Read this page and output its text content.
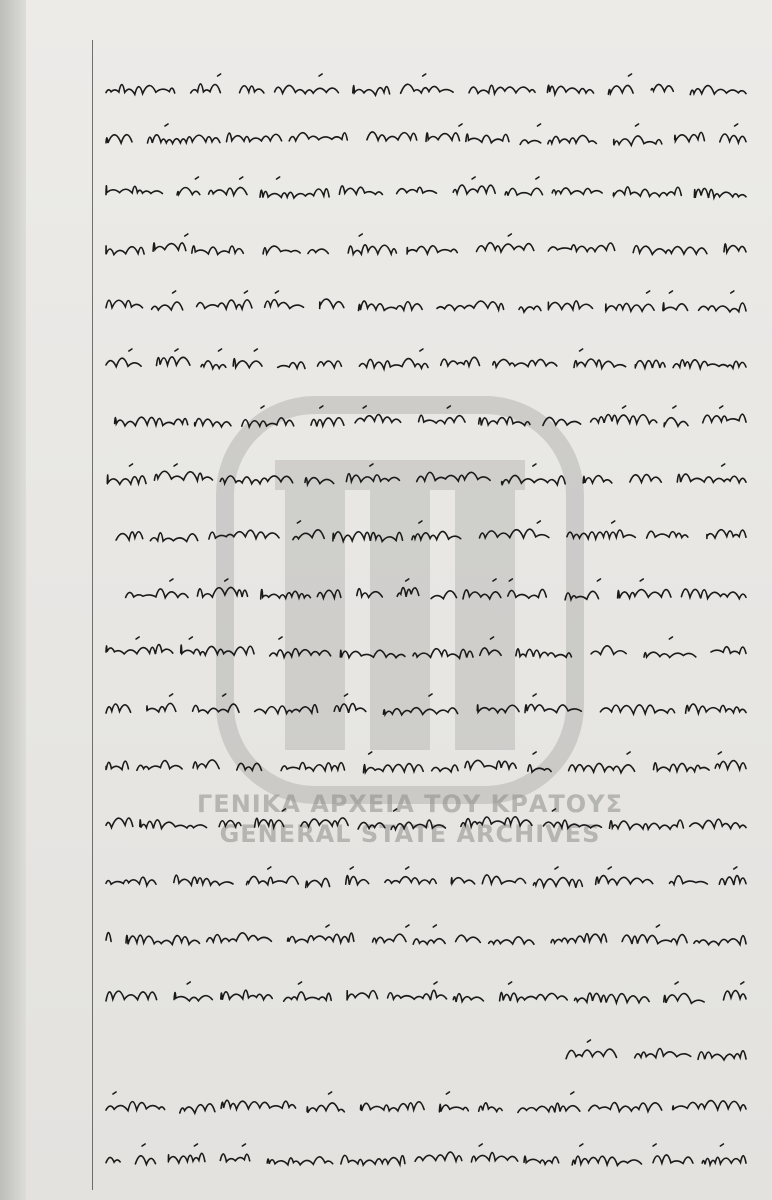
ΓΕΝΙΚΑ ΑΡΧΕΙΑ ΤΟΥ ΚΡΑΤΟΥΣ
GENERAL STATE ARCHIVES
